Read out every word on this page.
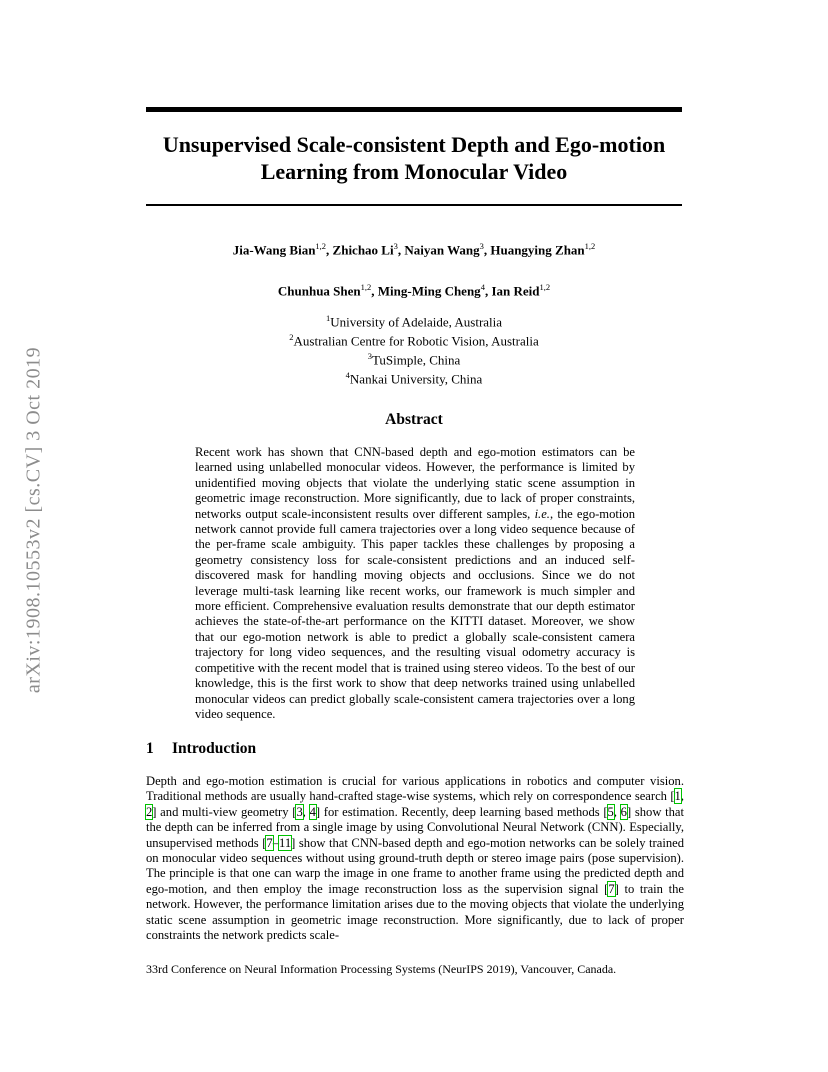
arXiv:1908.10553v2 [cs.CV] 3 Oct 2019
Unsupervised Scale-consistent Depth and Ego-motion
Learning from Monocular Video
Jia-Wang Bian$^{1,2}$, Zhichao Li$^3$, Naiyan Wang$^3$, Huangying Zhan$^{1,2}$
Chunhua Shen$^{1,2}$, Ming-Ming Cheng$^4$, Ian Reid$^{1,2}$
$^1$University of Adelaide, Australia
$^2$Australian Centre for Robotic Vision, Australia
$^3$TuSimple, China
$^4$Nankai University, China
Abstract
Recent work has shown that CNN-based depth and ego-motion estimators can be learned using unlabelled monocular videos. However, the performance is limited by unidentified moving objects that violate the underlying static scene assumption in geometric image reconstruction. More significantly, due to lack of proper constraints, networks output scale-inconsistent results over different samples, i.e., the ego-motion network cannot provide full camera trajectories over a long video sequence because of the per-frame scale ambiguity. This paper tackles these challenges by proposing a geometry consistency loss for scale-consistent predictions and an induced self-discovered mask for handling moving objects and occlusions. Since we do not leverage multi-task learning like recent works, our framework is much simpler and more efficient. Comprehensive evaluation results demonstrate that our depth estimator achieves the state-of-the-art performance on the KITTI dataset. Moreover, we show that our ego-motion network is able to predict a globally scale-consistent camera trajectory for long video sequences, and the resulting visual odometry accuracy is competitive with the recent model that is trained using stereo videos. To the best of our knowledge, this is the first work to show that deep networks trained using unlabelled monocular videos can predict globally scale-consistent camera trajectories over a long video sequence.
1 Introduction
Depth and ego-motion estimation is crucial for various applications in robotics and computer vision. Traditional methods are usually hand-crafted stage-wise systems, which rely on correspondence search [1, 2] and multi-view geometry [3, 4] for estimation. Recently, deep learning based methods [5, 6] show that the depth can be inferred from a single image by using Convolutional Neural Network (CNN). Especially, unsupervised methods [7–11] show that CNN-based depth and ego-motion networks can be solely trained on monocular video sequences without using ground-truth depth or stereo image pairs (pose supervision). The principle is that one can warp the image in one frame to another frame using the predicted depth and ego-motion, and then employ the image reconstruction loss as the supervision signal [7] to train the network. However, the performance limitation arises due to the moving objects that violate the underlying static scene assumption in geometric image reconstruction. More significantly, due to lack of proper constraints the network predicts scale-
33rd Conference on Neural Information Processing Systems (NeurIPS 2019), Vancouver, Canada.
